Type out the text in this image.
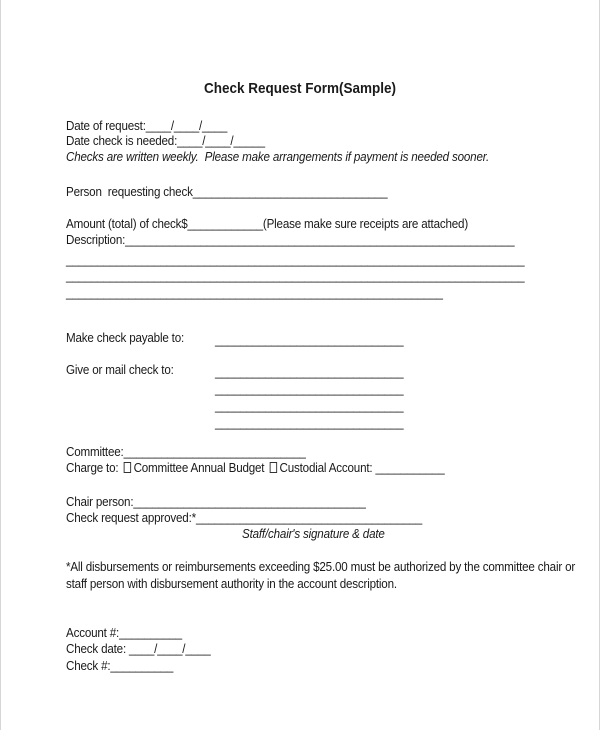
Check Request Form(Sample)
Date of request:____/____/____
Date check is needed:____/____/_____
Checks are written weekly.  Please make arrangements if payment is needed sooner.
Person  requesting check_______________________________
Amount (total) of check$____________(Please make sure receipts are attached)
Description:______________________________________________________________
_________________________________________________________________________
_________________________________________________________________________
____________________________________________________________
Make check payable to: ______________________________
Give or mail check to:	______________________________
______________________________
______________________________
______________________________
Committee:_____________________________
Charge to: Committee Annual Budget Custodial Account: ___________
Chair person:_____________________________________
Check request approved:*____________________________________
Staff/chair's signature & date
*All disbursements or reimbursements exceeding $25.00 must be authorized by the committee chair or
staff person with disbursement authority in the account description.
Account #:__________
Check date: ____/____/____
Check #:__________
